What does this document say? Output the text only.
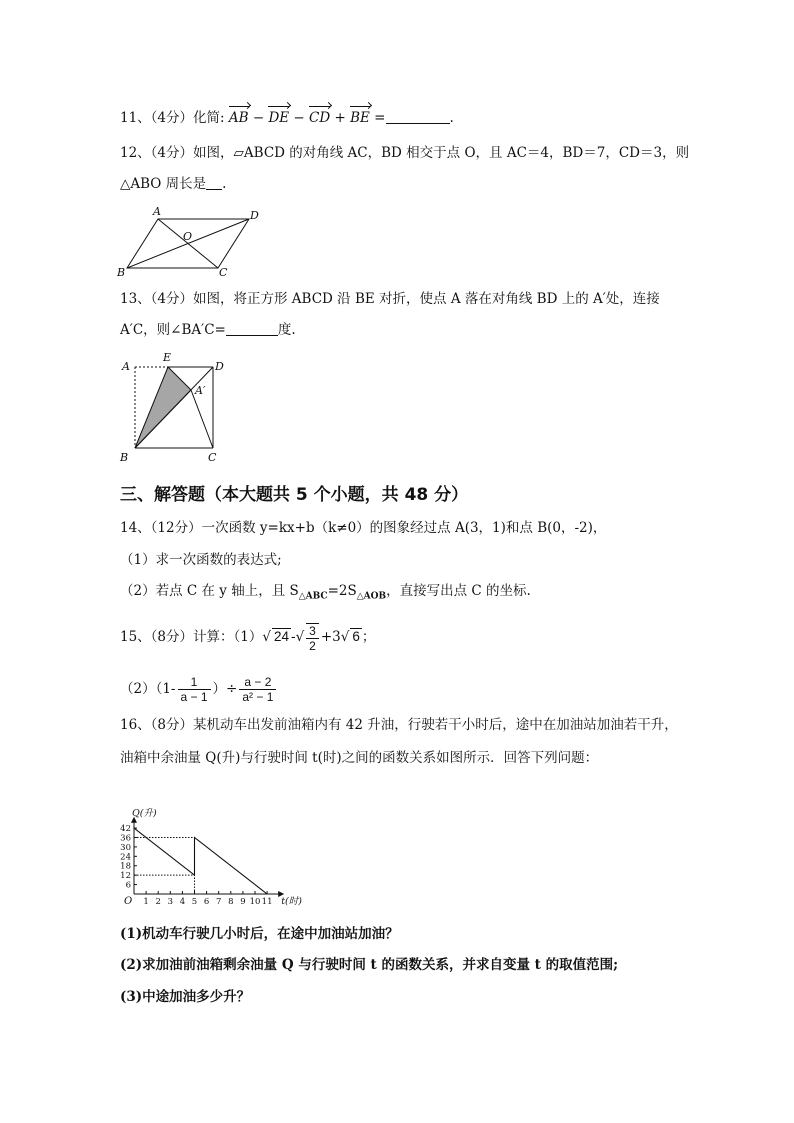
11、（4分）化简: AB − DE − CD + BE =	.
12、（4分）如图，▱ABCD 的对角线 AC，BD 相交于点 O，且 AC＝4，BD＝7，CD＝3，则
△ABO 周长是 .
A	D
O
B	C
13、（4分）如图，将正方形 ABCD 沿 BE 对折，使点 A 落在对角线 BD 上的 A′处，连接
A′C，则∠BA′C=	度.
A
E
D
A′
B	C
三、解答题（本大题共 5 个小题，共 48 分）
14、（12分）一次函数 y=kx+b（k≠0）的图象经过点 A(3，1)和点 B(0，-2)，
（1）求一次函数的表达式;
（2）若点 C 在 y 轴上，且 $S_{\triangle ABC}=2S_{\triangle AOB}$，直接写出点 C 的坐标.
15、（8分）计算：（1）√ 24 -√ $\frac{3}{2} +3√$ 6 ；
$(2)(1- \frac{1}{a - 1}$ ）÷ $\frac{a - 2}{\text{a² − 1}}$
16、（8分）某机动车出发前油箱内有 42 升油，行驶若干小时后，途中在加油站加油若干升，
油箱中余油量 Q(升)与行驶时间 t(时)之间的函数关系如图所示．回答下列问题：
1 2 3 4 5 6 7 8 9 10 11
6
12
18
24
30
36
42
Q(升)
t(时)
O
(1)机动车行驶几小时后，在途中加油站加油？
(2)求加油前油箱剩余油量 Q 与行驶时间 t 的函数关系，并求自变量 t 的取值范围;
(3)中途加油多少升？
